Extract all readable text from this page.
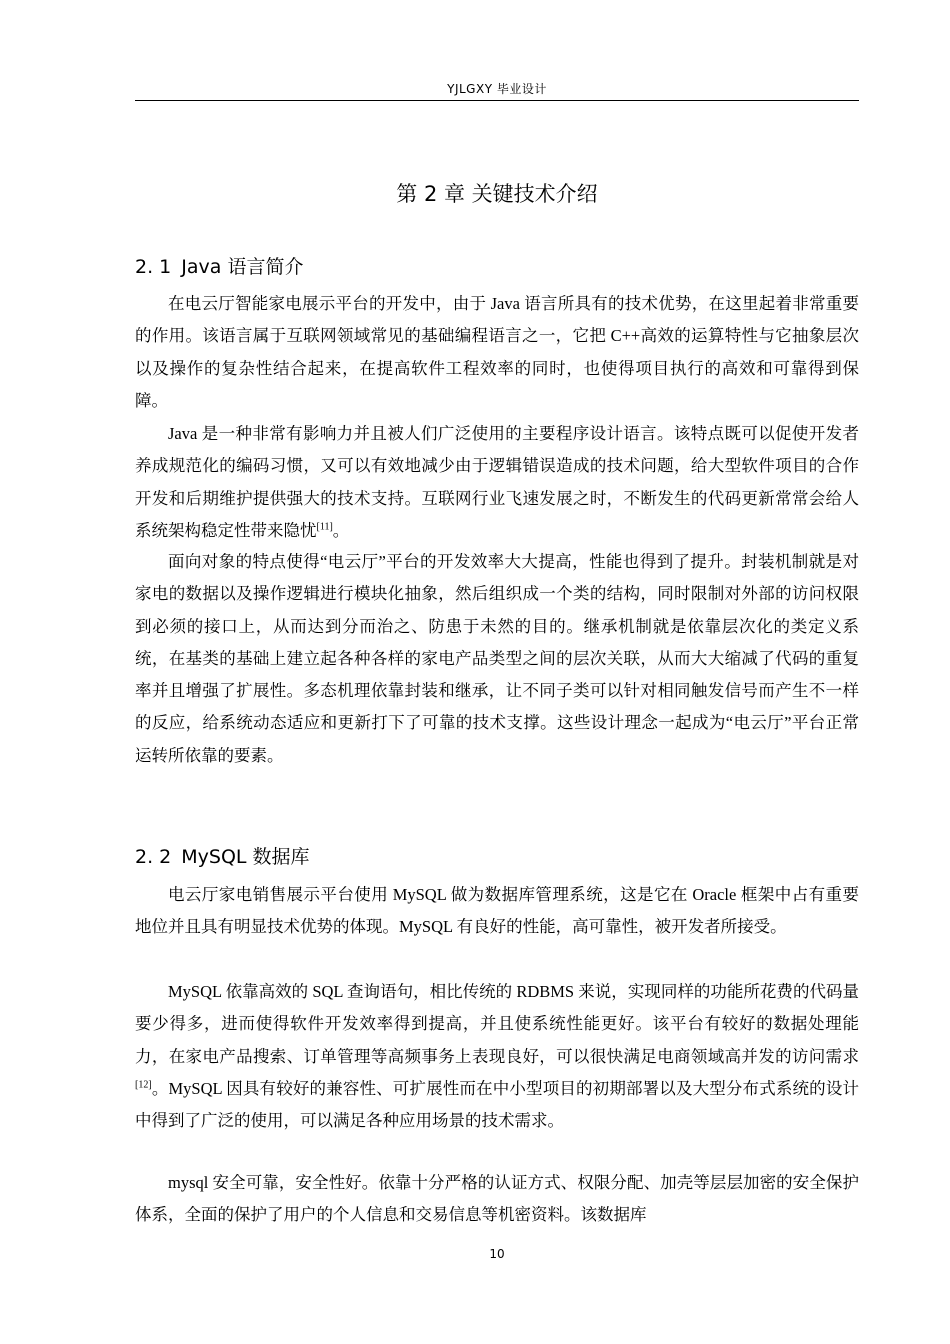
YJLGXY 毕业设计
第 2 章 关键技术介绍
2. 1 Java 语言简介

在电云厅智能家电展示平台的开发中，由于 Java 语言所具有的技术优势，在这里起着非常重要的作用。该语言属于互联网领域常见的基础编程语言之一，它把 C++高效的运算特性与它抽象层次以及操作的复杂性结合起来，在提高软件工程效率的同时，也使得项目执行的高效和可靠得到保障。

Java 是一种非常有影响力并且被人们广泛使用的主要程序设计语言。该特点既可以促使开发者养成规范化的编码习惯，又可以有效地减少由于逻辑错误造成的技术问题，给大型软件项目的合作开发和后期维护提供强大的技术支持。互联网行业飞速发展之时，不断发生的代码更新常常会给人系统架构稳定性带来隐忧[11]。

面向对象的特点使得“电云厅”平台的开发效率大大提高，性能也得到了提升。封装机制就是对家电的数据以及操作逻辑进行模块化抽象，然后组织成一个类的结构，同时限制对外部的访问权限到必须的接口上，从而达到分而治之、防患于未然的目的。继承机制就是依靠层次化的类定义系统，在基类的基础上建立起各种各样的家电产品类型之间的层次关联，从而大大缩减了代码的重复率并且增强了扩展性。多态机理依靠封装和继承，让不同子类可以针对相同触发信号而产生不一样的反应，给系统动态适应和更新打下了可靠的技术支撑。这些设计理念一起成为“电云厅”平台正常运转所依靠的要素。

2. 2 MySQL 数据库

电云厅家电销售展示平台使用 MySQL 做为数据库管理系统，这是它在 Oracle 框架中占有重要地位并且具有明显技术优势的体现。MySQL 有良好的性能，高可靠性，被开发者所接受。

MySQL 依靠高效的 SQL 查询语句，相比传统的 RDBMS 来说，实现同样的功能所花费的代码量要少得多，进而使得软件开发效率得到提高，并且使系统性能更好。该平台有较好的数据处理能力，在家电产品搜索、订单管理等高频事务上表现良好，可以很快满足电商领域高并发的访问需求[12]。MySQL 因具有较好的兼容性、可扩展性而在中小型项目的初期部署以及大型分布式系统的设计中得到了广泛的使用，可以满足各种应用场景的技术需求。

mysql 安全可靠，安全性好。依靠十分严格的认证方式、权限分配、加壳等层层加密的安全保护体系，全面的保护了用户的个人信息和交易信息等机密资料。该数据库

10
